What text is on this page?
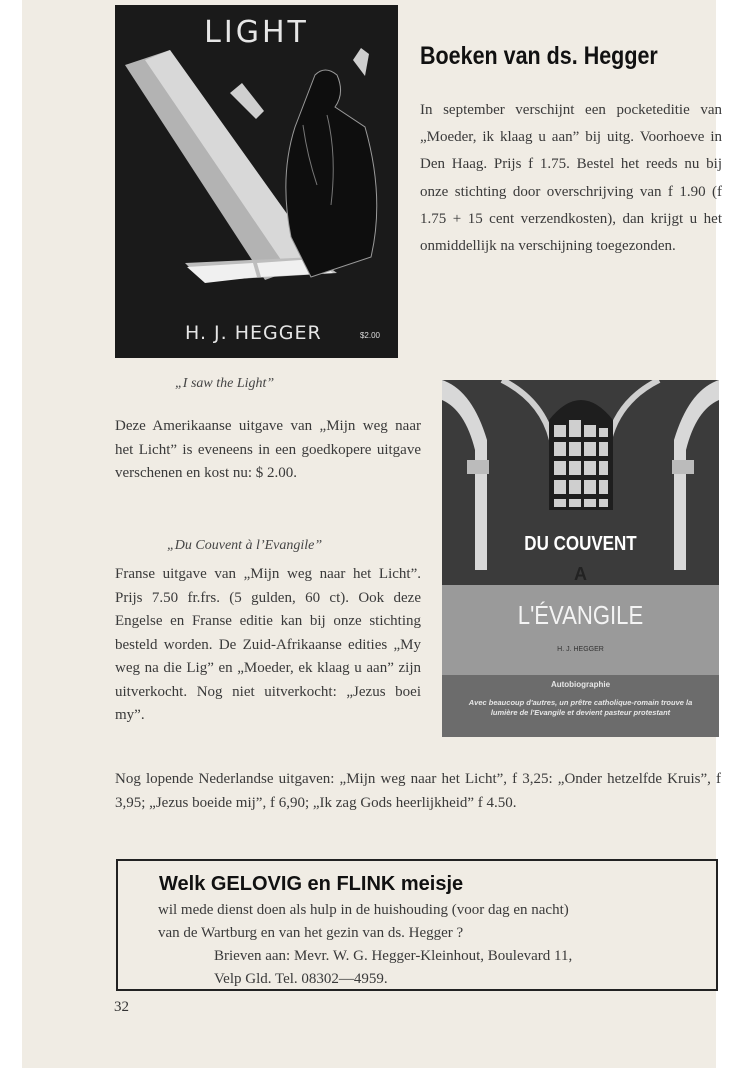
LIGHT
H. J. HEGGER	$2.00
Boeken van ds. Hegger
In september verschijnt een pocketeditie van „Moeder, ik klaag u aan” bij uitg. Voorhoeve in Den Haag. Prijs f 1.75. Bestel het reeds nu bij onze stichting door overschrijving van f 1.90 (f 1.75 + 15 cent verzendkosten), dan krijgt u het onmiddellijk na verschijning toegezonden.
„I saw the Light”
Deze Amerikaanse uitgave van „Mijn weg naar het Licht” is eveneens in een goedkopere uitgave verschenen en kost nu: $ 2.00.
„Du Couvent à l’Evangile”
Franse uitgave van „Mijn weg naar het Licht”. Prijs 7.50 fr.frs. (5 gulden, 60 ct). Ook deze Engelse en Franse editie kan bij onze stichting besteld worden. De Zuid-Afrikaanse edities „My weg na die Lig” en „Moeder, ek klaag u aan” zijn uitverkocht. Nog niet uitverkocht: „Jezus boei my”.
DU COUVENT
A
L'ÉVANGILE
H. J. HEGGER
Autobiographie
Avec beaucoup d'autres, un prêtre catholique-romain trouve la lumière de l'Evangile et devient pasteur protestant
Nog lopende Nederlandse uitgaven: „Mijn weg naar het Licht”, f 3,25: „Onder hetzelfde Kruis”, f 3,95; „Jezus boeide mij”, f 6,90; „Ik zag Gods heerlijkheid” f 4.50.
Welk GELOVIG en FLINK meisje
wil mede dienst doen als hulp in de huishouding (voor dag en nacht)
van de Wartburg en van het gezin van ds. Hegger ?
Brieven aan: Mevr. W. G. Hegger-Kleinhout, Boulevard 11,
Velp Gld. Tel. 08302—4959.
32
